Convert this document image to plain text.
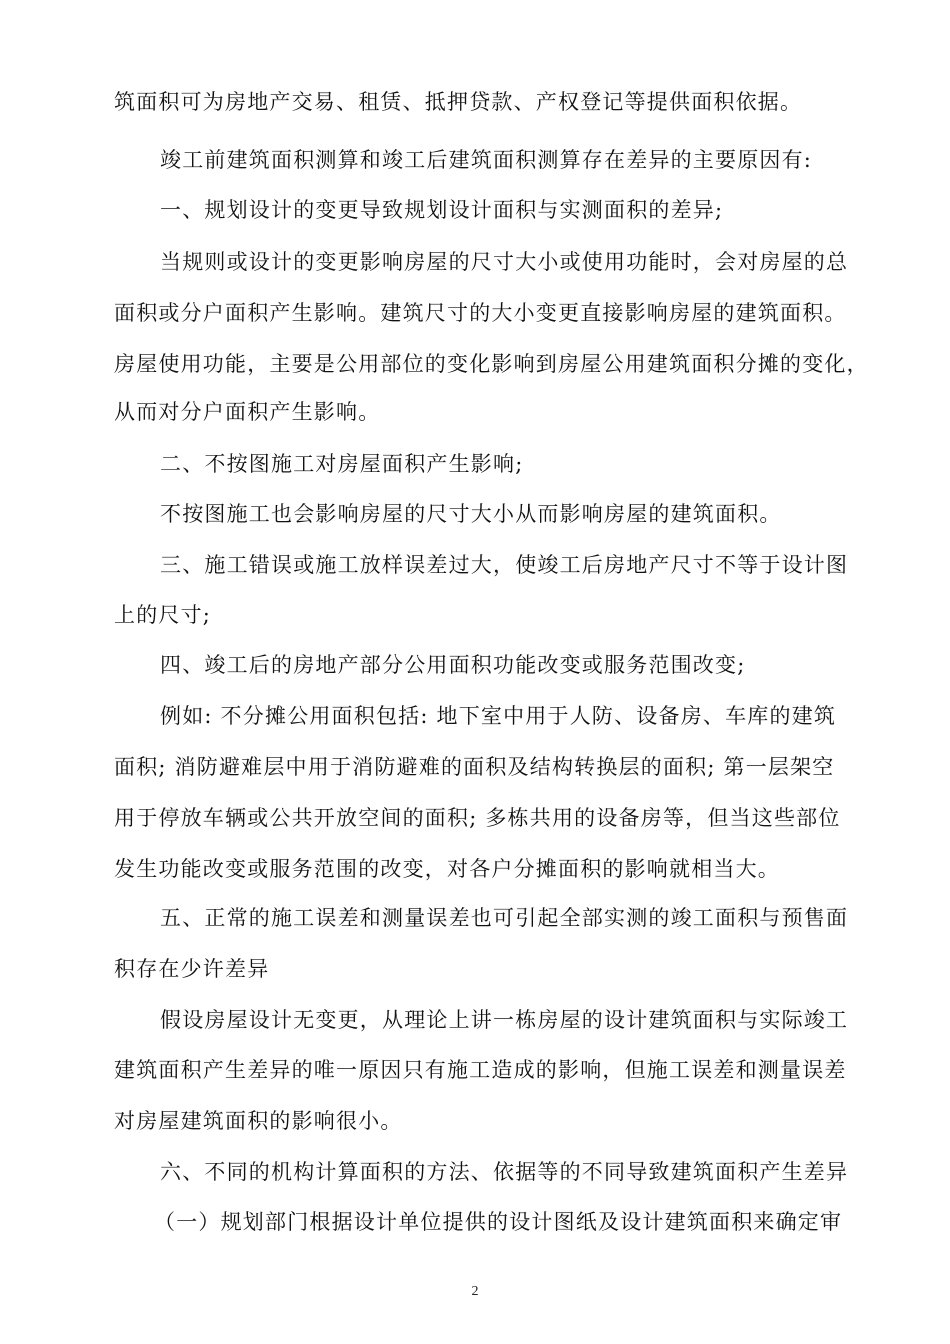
筑面积可为房地产交易、租赁、抵押贷款、产权登记等提供面积依据。
竣工前建筑面积测算和竣工后建筑面积测算存在差异的主要原因有:
一、规划设计的变更导致规划设计面积与实测面积的差异;
当规则或设计的变更影响房屋的尺寸大小或使用功能时，会对房屋的总
面积或分户面积产生影响。建筑尺寸的大小变更直接影响房屋的建筑面积。
房屋使用功能，主要是公用部位的变化影响到房屋公用建筑面积分摊的变化，
从而对分户面积产生影响。
二、不按图施工对房屋面积产生影响;
不按图施工也会影响房屋的尺寸大小从而影响房屋的建筑面积。
三、施工错误或施工放样误差过大，使竣工后房地产尺寸不等于设计图
上的尺寸;
四、竣工后的房地产部分公用面积功能改变或服务范围改变;
例如: 不分摊公用面积包括: 地下室中用于人防、设备房、车库的建筑
面积; 消防避难层中用于消防避难的面积及结构转换层的面积; 第一层架空
用于停放车辆或公共开放空间的面积; 多栋共用的设备房等，但当这些部位
发生功能改变或服务范围的改变，对各户分摊面积的影响就相当大。
五、正常的施工误差和测量误差也可引起全部实测的竣工面积与预售面
积存在少许差异
假设房屋设计无变更，从理论上讲一栋房屋的设计建筑面积与实际竣工
建筑面积产生差异的唯一原因只有施工造成的影响，但施工误差和测量误差
对房屋建筑面积的影响很小。
六、不同的机构计算面积的方法、依据等的不同导致建筑面积产生差异
（一）规划部门根据设计单位提供的设计图纸及设计建筑面积来确定审
2
